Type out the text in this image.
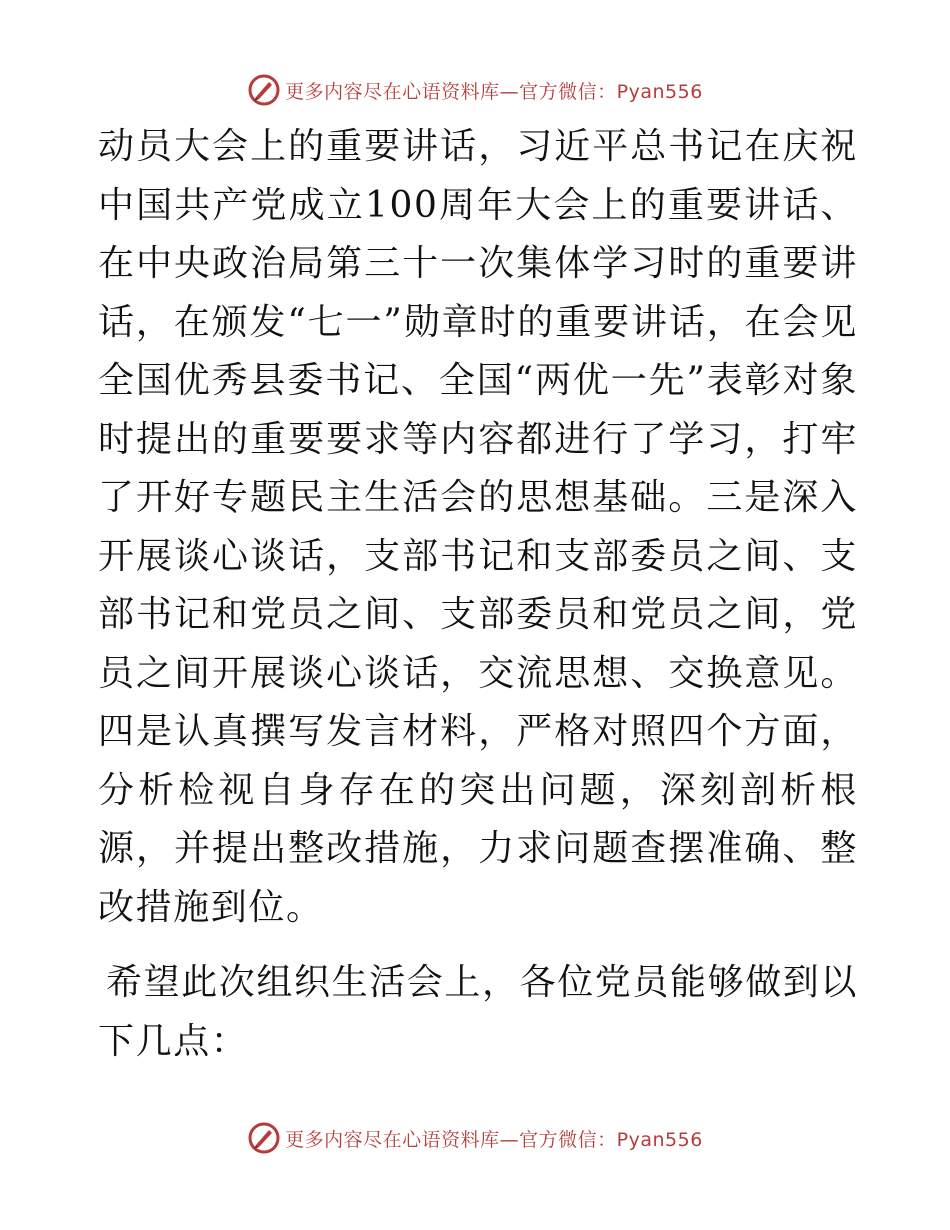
更多内容尽在心语资料库—官方微信：Pyan556

动员大会上的重要讲话，习近平总书记在庆祝中国共产党成立100周年大会上的重要讲话、在中央政治局第三十一次集体学习时的重要讲话，在颁发“七一”勋章时的重要讲话，在会见全国优秀县委书记、全国“两优一先”表彰对象时提出的重要要求等内容都进行了学习，打牢了开好专题民主生活会的思想基础。三是深入开展谈心谈话，支部书记和支部委员之间、支部书记和党员之间、支部委员和党员之间，党员之间开展谈心谈话，交流思想、交换意见。四是认真撰写发言材料，严格对照四个方面，分析检视自身存在的突出问题，深刻剖析根源，并提出整改措施，力求问题查摆准确、整改措施到位。

希望此次组织生活会上，各位党员能够做到以下几点：

更多内容尽在心语资料库—官方微信：Pyan556
